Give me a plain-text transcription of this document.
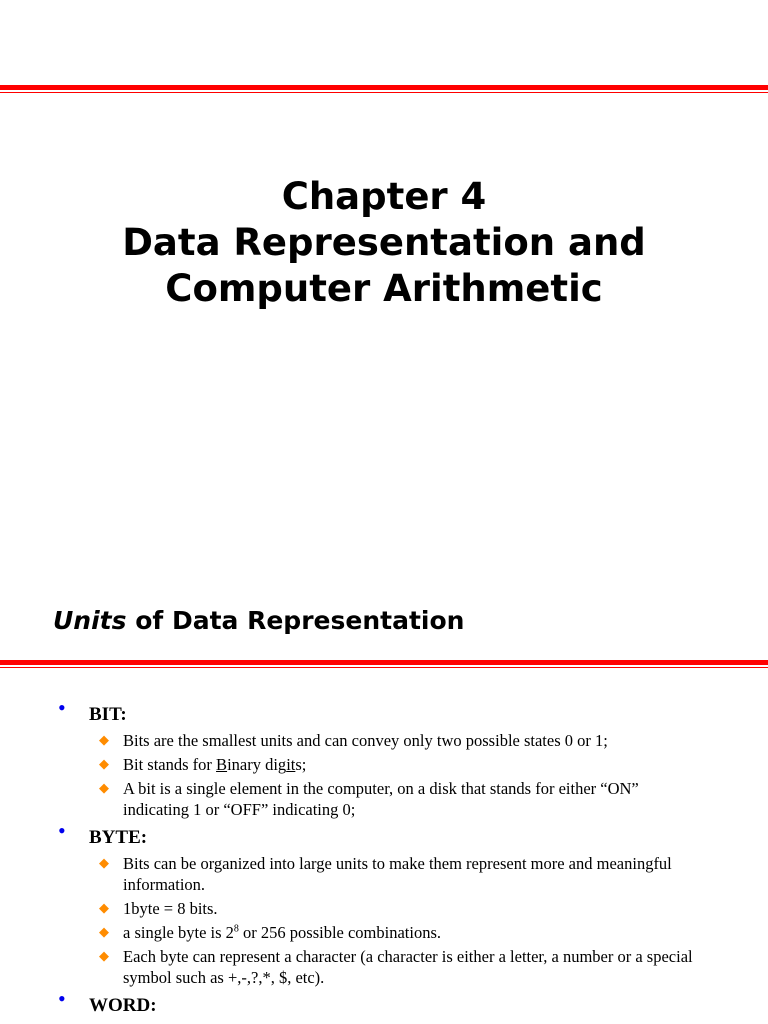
Chapter 4
Data Representation and
Computer Arithmetic
Units of Data Representation
• BIT:
◆ Bits are the smallest units and can convey only two possible states 0 or 1;
◆ Bit stands for Binary digits;
◆ A bit is a single element in the computer, on a disk that stands for either “ON” indicating 1 or “OFF” indicating 0;
• BYTE:
◆ Bits can be organized into large units to make them represent more and meaningful information.
◆ 1byte = 8 bits.
◆ a single byte is $2^8$ or 256 possible combinations.
◆ Each byte can represent a character (a character is either a letter, a number or a special symbol such as +,-,?,*, $, etc).
• WORD:
